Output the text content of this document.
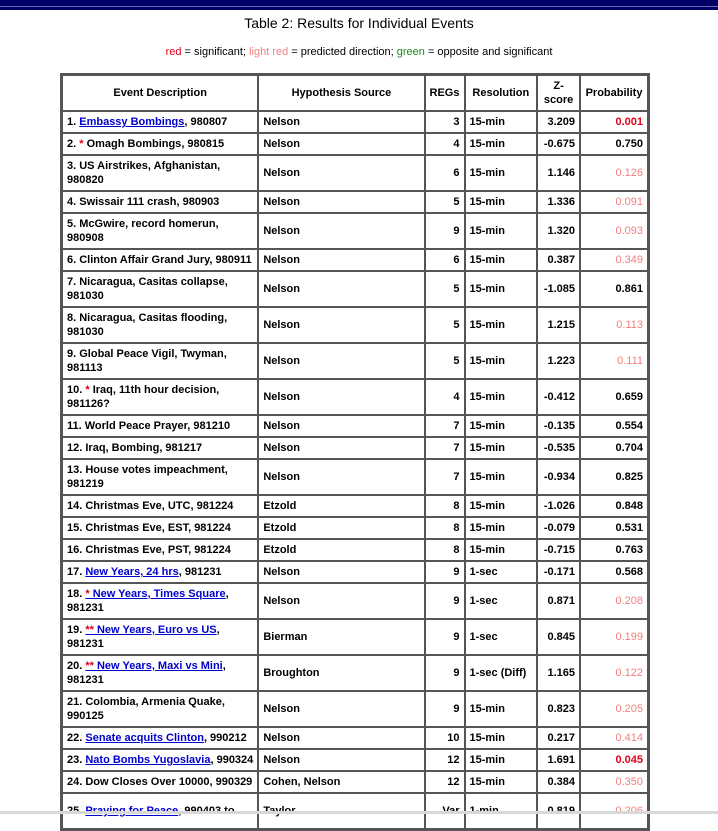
Table 2: Results for Individual Events
red = significant; light red = predicted direction; green = opposite and significant
Event Description	Hypothesis Source	REGs	Resolution	Z-score	Probability
1. Embassy Bombings, 980807	Nelson	3	15-min	3.209	0.001
2. * Omagh Bombings, 980815	Nelson	4	15-min	-0.675	0.750
3. US Airstrikes, Afghanistan, 980820	Nelson	6	15-min	1.146	0.126
4. Swissair 111 crash, 980903	Nelson	5	15-min	1.336	0.091
5. McGwire, record homerun, 980908	Nelson	9	15-min	1.320	0.093
6. Clinton Affair Grand Jury, 980911	Nelson	6	15-min	0.387	0.349
7. Nicaragua, Casitas collapse, 981030	Nelson	5	15-min	-1.085	0.861
8. Nicaragua, Casitas flooding, 981030	Nelson	5	15-min	1.215	0.113
9. Global Peace Vigil, Twyman, 981113	Nelson	5	15-min	1.223	0.111
10. * Iraq, 11th hour decision, 981126?	Nelson	4	15-min	-0.412	0.659
11. World Peace Prayer, 981210	Nelson	7	15-min	-0.135	0.554
12. Iraq, Bombing, 981217	Nelson	7	15-min	-0.535	0.704
13. House votes impeachment, 981219	Nelson	7	15-min	-0.934	0.825
14. Christmas Eve, UTC, 981224	Etzold	8	15-min	-1.026	0.848
15. Christmas Eve, EST, 981224	Etzold	8	15-min	-0.079	0.531
16. Christmas Eve, PST, 981224	Etzold	8	15-min	-0.715	0.763
17. New Years, 24 hrs, 981231	Nelson	9	1-sec	-0.171	0.568
18. * New Years, Times Square, 981231	Nelson	9	1-sec	0.871	0.208
19. ** New Years, Euro vs US, 981231	Bierman	9	1-sec	0.845	0.199
20. ** New Years, Maxi vs Mini, 981231	Broughton	9	1-sec (Diff)	1.165	0.122
21. Colombia, Armenia Quake, 990125	Nelson	9	15-min	0.823	0.205
22. Senate acquits Clinton, 990212	Nelson	10	15-min	0.217	0.414
23. Nato Bombs Yugoslavia, 990324	Nelson	12	15-min	1.691	0.045
24. Dow Closes Over 10000, 990329	Cohen, Nelson	12	15-min	0.384	0.350
